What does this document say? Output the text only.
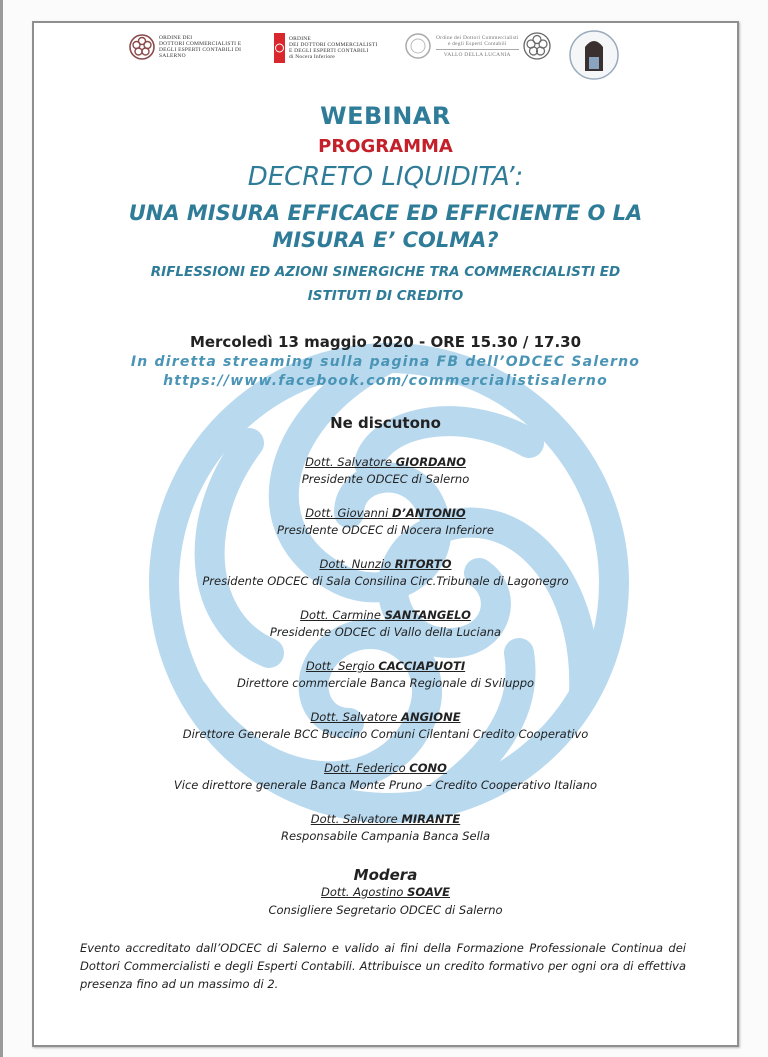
ORDINE DEI
DOTTORI COMMERCIALISTI E
DEGLI ESPERTI CONTABILI DI
SALERNO
ORDINE
DEI DOTTORI COMMERCIALISTI
E DEGLI ESPERTI CONTABILI
di Nocera Inferiore
Ordine dei Dottori Commercialisti
e degli Esperti Contabili
VALLO DELLA LUCANIA
WEBINAR
PROGRAMMA
DECRETO LIQUIDITA’:
UNA MISURA EFFICACE ED EFFICIENTE O LA
MISURA E’ COLMA?
RIFLESSIONI ED AZIONI SINERGICHE TRA COMMERCIALISTI ED
ISTITUTI DI CREDITO
Mercoledì 13 maggio 2020 - ORE 15.30 / 17.30
In diretta streaming sulla pagina FB dell’ODCEC Salerno
https://www.facebook.com/commercialistisalerno
Ne discutono
Dott. Salvatore GIORDANO
Presidente ODCEC di Salerno
Dott. Giovanni D’ANTONIO
Presidente ODCEC di Nocera Inferiore
Dott. Nunzio RITORTO
Presidente ODCEC di Sala Consilina Circ.Tribunale di Lagonegro
Dott. Carmine SANTANGELO
Presidente ODCEC di Vallo della Luciana
Dott. Sergio CACCIAPUOTI
Direttore commerciale Banca Regionale di Sviluppo
Dott. Salvatore ANGIONE
Direttore Generale BCC Buccino Comuni Cilentani Credito Cooperativo
Dott. Federico CONO
Vice direttore generale Banca Monte Pruno – Credito Cooperativo Italiano
Dott. Salvatore MIRANTE
Responsabile Campania Banca Sella
Modera
Dott. Agostino SOAVE
Consigliere Segretario ODCEC di Salerno
Evento accreditato dall’ODCEC di Salerno e valido ai fini della Formazione Professionale Continua dei Dottori Commercialisti e degli Esperti Contabili. Attribuisce un credito formativo per ogni ora di effettiva presenza fino ad un massimo di 2.
